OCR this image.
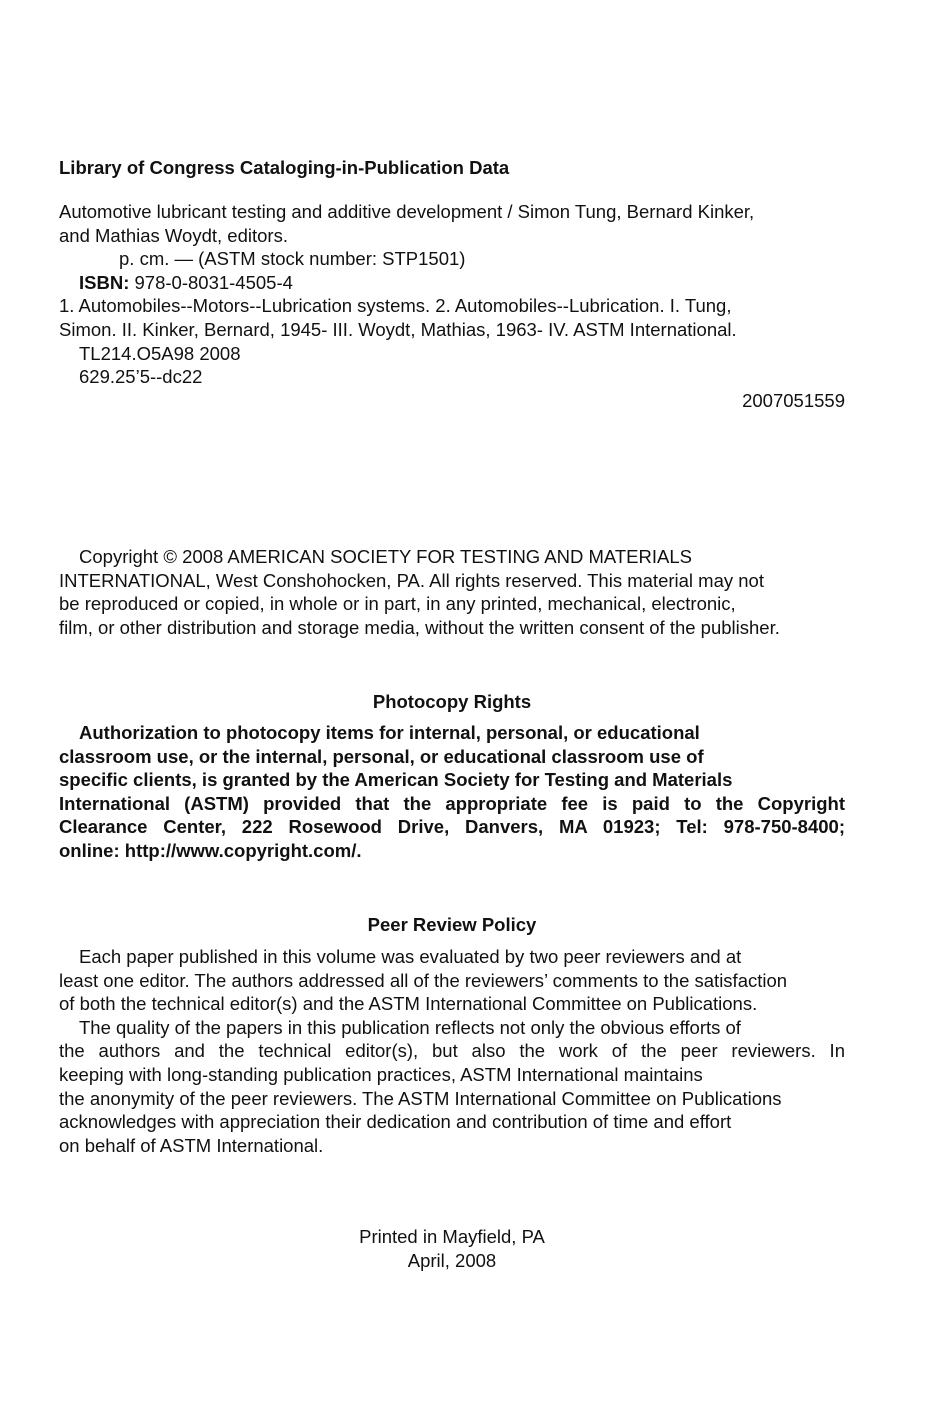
Library of Congress Cataloging-in-Publication Data
Automotive lubricant testing and additive development / Simon Tung, Bernard Kinker,
and Mathias Woydt, editors.
p. cm. — (ASTM stock number: STP1501)
ISBN: 978-0-8031-4505-4
1. Automobiles--Motors--Lubrication systems. 2. Automobiles--Lubrication. I. Tung,
Simon. II. Kinker, Bernard, 1945- III. Woydt, Mathias, 1963- IV. ASTM International.
TL214.O5A98 2008
629.25’5--dc22
2007051559
Copyright © 2008 AMERICAN SOCIETY FOR TESTING AND MATERIALS
INTERNATIONAL, West Conshohocken, PA. All rights reserved. This material may not
be reproduced or copied, in whole or in part, in any printed, mechanical, electronic,
film, or other distribution and storage media, without the written consent of the publisher.
Photocopy Rights
Authorization to photocopy items for internal, personal, or educational
classroom use, or the internal, personal, or educational classroom use of
specific clients, is granted by the American Society for Testing and Materials
International (ASTM) provided that the appropriate fee is paid to the Copyright
Clearance Center, 222 Rosewood Drive, Danvers, MA 01923; Tel: 978-750-8400;
online: http://www.copyright.com/.
Peer Review Policy
Each paper published in this volume was evaluated by two peer reviewers and at
least one editor. The authors addressed all of the reviewers’ comments to the satisfaction
of both the technical editor(s) and the ASTM International Committee on Publications.
The quality of the papers in this publication reflects not only the obvious efforts of
the authors and the technical editor(s), but also the work of the peer reviewers. In
keeping with long-standing publication practices, ASTM International maintains
the anonymity of the peer reviewers. The ASTM International Committee on Publications
acknowledges with appreciation their dedication and contribution of time and effort
on behalf of ASTM International.
Printed in Mayfield, PA
April, 2008
